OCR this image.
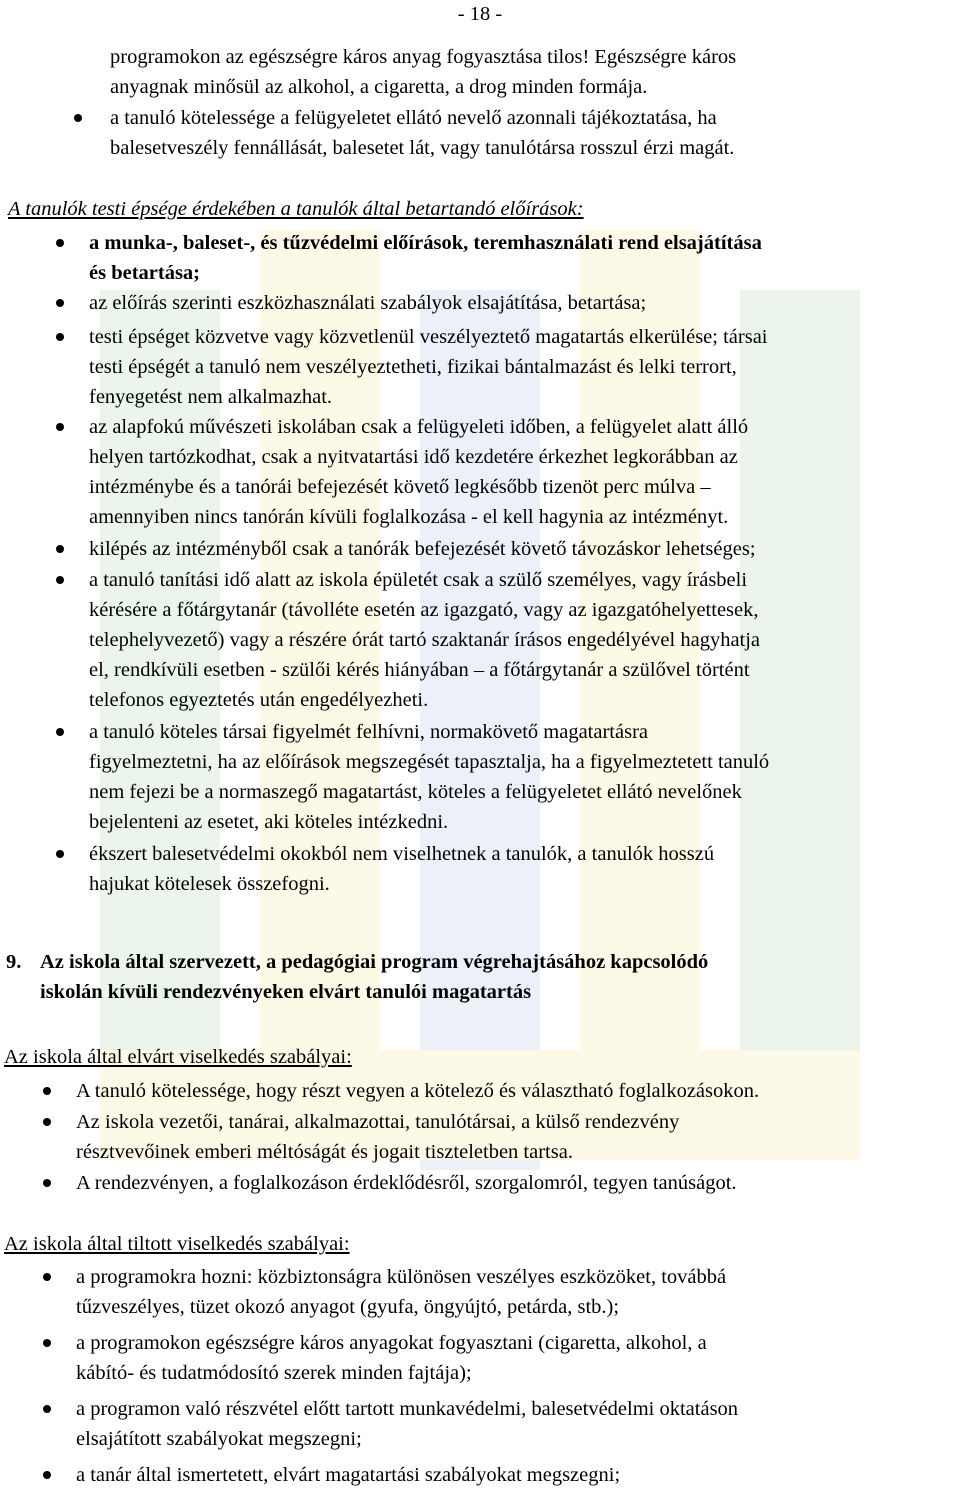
- 18 -
programokon az egészségre káros anyag fogyasztása tilos! Egészségre káros
anyagnak minősül az alkohol, a cigaretta, a drog minden formája.
a tanuló kötelessége a felügyeletet ellátó nevelő azonnali tájékoztatása, ha
balesetveszély fennállását, balesetet lát, vagy tanulótársa rosszul érzi magát.
A tanulók testi épsége érdekében a tanulók által betartandó előírások:
a munka-, baleset-, és tűzvédelmi előírások, teremhasználati rend elsajátítása
és betartása;
az előírás szerinti eszközhasználati szabályok elsajátítása, betartása;
testi épséget közvetve vagy közvetlenül veszélyeztető magatartás elkerülése; társai
testi épségét a tanuló nem veszélyeztetheti, fizikai bántalmazást és lelki terrort,
fenyegetést nem alkalmazhat.
az alapfokú művészeti iskolában csak a felügyeleti időben, a felügyelet alatt álló
helyen tartózkodhat, csak a nyitvatartási idő kezdetére érkezhet legkorábban az
intézménybe és a tanórái befejezését követő legkésőbb tizenöt perc múlva –
amennyiben nincs tanórán kívüli foglalkozása - el kell hagynia az intézményt.
kilépés az intézményből csak a tanórák befejezését követő távozáskor lehetséges;
a tanuló tanítási idő alatt az iskola épületét csak a szülő személyes, vagy írásbeli
kérésére a főtárgytanár (távolléte esetén az igazgató, vagy az igazgatóhelyettesek,
telephelyvezető) vagy a részére órát tartó szaktanár írásos engedélyével hagyhatja
el, rendkívüli esetben - szülői kérés hiányában – a főtárgytanár a szülővel történt
telefonos egyeztetés után engedélyezheti.
a tanuló köteles társai figyelmét felhívni, normakövető magatartásra
figyelmeztetni, ha az előírások megszegését tapasztalja, ha a figyelmeztetett tanuló
nem fejezi be a normaszegő magatartást, köteles a felügyeletet ellátó nevelőnek
bejelenteni az esetet, aki köteles intézkedni.
ékszert balesetvédelmi okokból nem viselhetnek a tanulók, a tanulók hosszú
hajukat kötelesek összefogni.
9. Az iskola által szervezett, a pedagógiai program végrehajtásához kapcsolódó
iskolán kívüli rendezvényeken elvárt tanulói magatartás
Az iskola által elvárt viselkedés szabályai:
A tanuló kötelessége, hogy részt vegyen a kötelező és választható foglalkozásokon.
Az iskola vezetői, tanárai, alkalmazottai, tanulótársai, a külső rendezvény
résztvevőinek emberi méltóságát és jogait tiszteletben tartsa.
A rendezvényen, a foglalkozáson érdeklődésről, szorgalomról, tegyen tanúságot.
Az iskola által tiltott viselkedés szabályai:
a programokra hozni: közbiztonságra különösen veszélyes eszközöket, továbbá
tűzveszélyes, tüzet okozó anyagot (gyufa, öngyújtó, petárda, stb.);
a programokon egészségre káros anyagokat fogyasztani (cigaretta, alkohol, a
kábító- és tudatmódosító szerek minden fajtája);
a programon való részvétel előtt tartott munkavédelmi, balesetvédelmi oktatáson
elsajátított szabályokat megszegni;
a tanár által ismertetett, elvárt magatartási szabályokat megszegni;
